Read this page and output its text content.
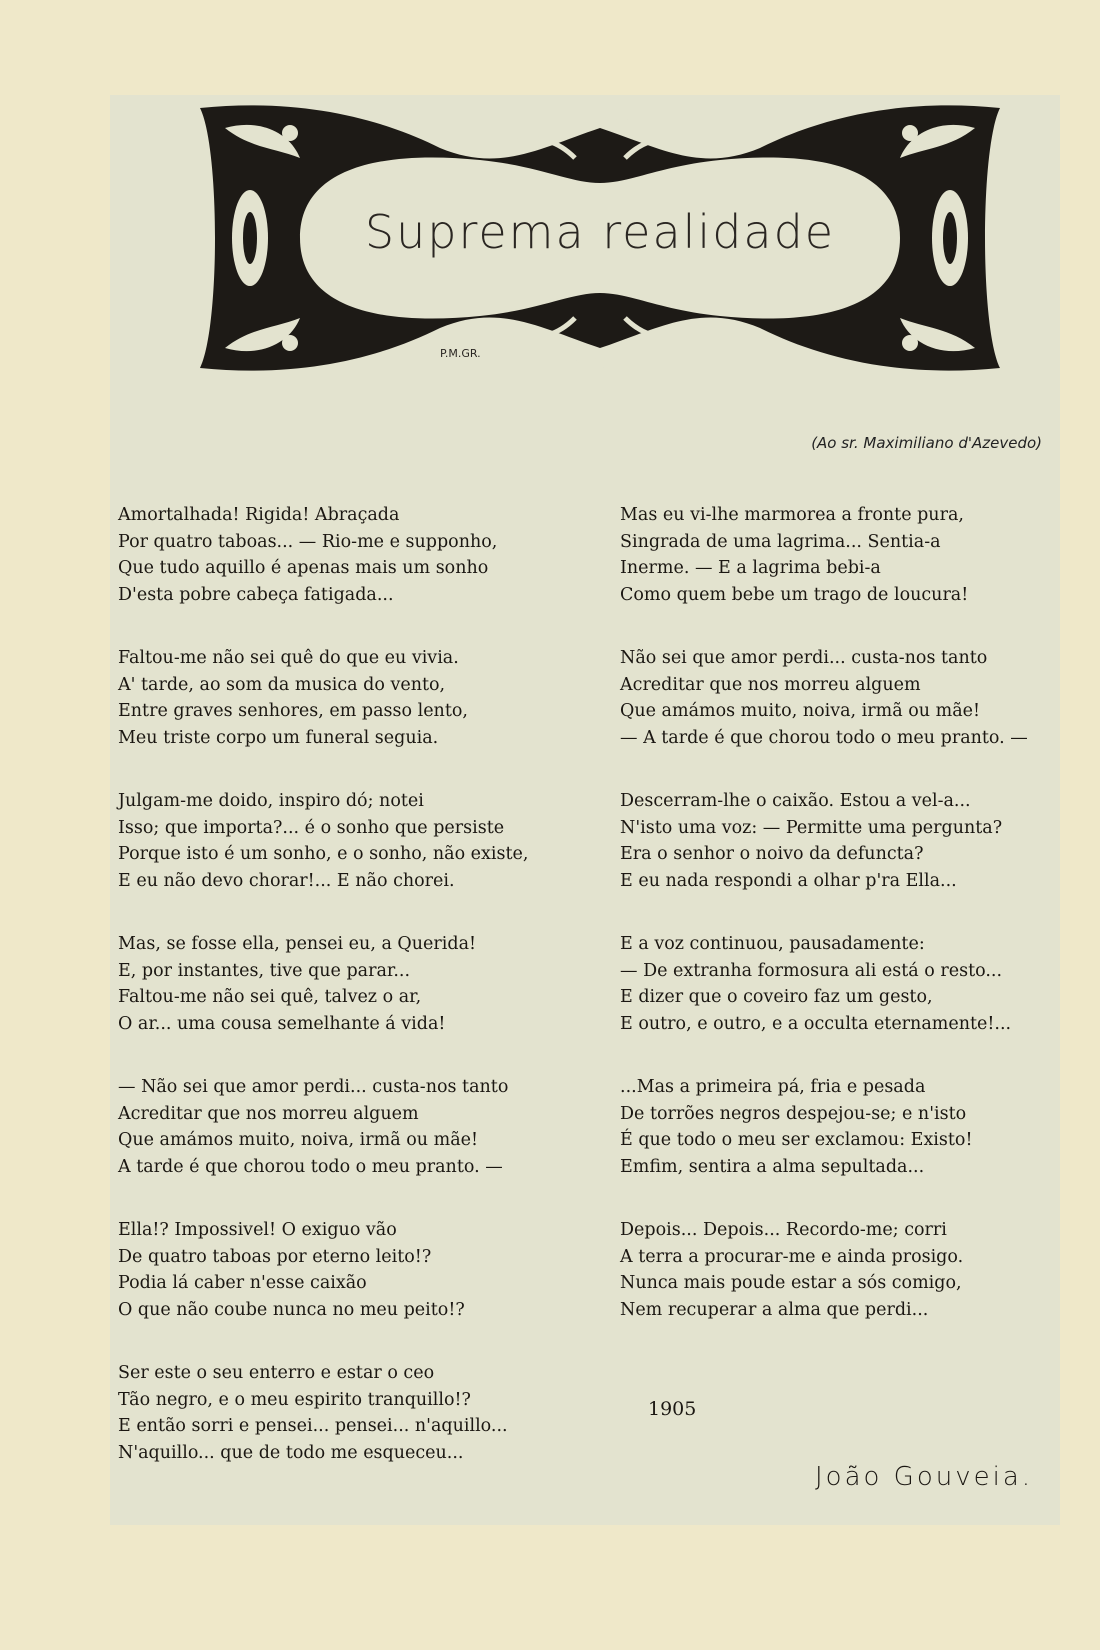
Suprema realidade
P.M.GR.
(Ao sr. Maximiliano d'Azevedo)
Amortalhada! Rigida! Abraçada
Por quatro taboas... — Rio-me e supponho,
Que tudo aquillo é apenas mais um sonho
D'esta pobre cabeça fatigada...
Faltou-me não sei quê do que eu vivia.
A' tarde, ao som da musica do vento,
Entre graves senhores, em passo lento,
Meu triste corpo um funeral seguia.
Julgam-me doido, inspiro dó; notei
Isso; que importa?... é o sonho que persiste
Porque isto é um sonho, e o sonho, não existe,
E eu não devo chorar!... E não chorei.
Mas, se fosse ella, pensei eu, a Querida!
E, por instantes, tive que parar...
Faltou-me não sei quê, talvez o ar,
O ar... uma cousa semelhante á vida!
— Não sei que amor perdi... custa-nos tanto
Acreditar que nos morreu alguem
Que amámos muito, noiva, irmã ou mãe!
A tarde é que chorou todo o meu pranto. —
Ella!? Impossivel! O exiguo vão
De quatro taboas por eterno leito!?
Podia lá caber n'esse caixão
O que não coube nunca no meu peito!?
Ser este o seu enterro e estar o ceo
Tão negro, e o meu espirito tranquillo!?
E então sorri e pensei... pensei... n'aquillo...
N'aquillo... que de todo me esqueceu...
Mas eu vi-lhe marmorea a fronte pura,
Singrada de uma lagrima... Sentia-a
Inerme. — E a lagrima bebi-a
Como quem bebe um trago de loucura!
Não sei que amor perdi... custa-nos tanto
Acreditar que nos morreu alguem
Que amámos muito, noiva, irmã ou mãe!
— A tarde é que chorou todo o meu pranto. —
Descerram-lhe o caixão. Estou a vel-a...
N'isto uma voz: — Permitte uma pergunta?
Era o senhor o noivo da defuncta?
E eu nada respondi a olhar p'ra Ella...
E a voz continuou, pausadamente:
— De extranha formosura ali está o resto...
E dizer que o coveiro faz um gesto,
E outro, e outro, e a occulta eternamente!...
...Mas a primeira pá, fria e pesada
De torrões negros despejou-se; e n'isto
É que todo o meu ser exclamou: Existo!
Emfim, sentira a alma sepultada...
Depois... Depois... Recordo-me; corri
A terra a procurar-me e ainda prosigo.
Nunca mais poude estar a sós comigo,
Nem recuperar a alma que perdi...
1905
João Gouveia.
